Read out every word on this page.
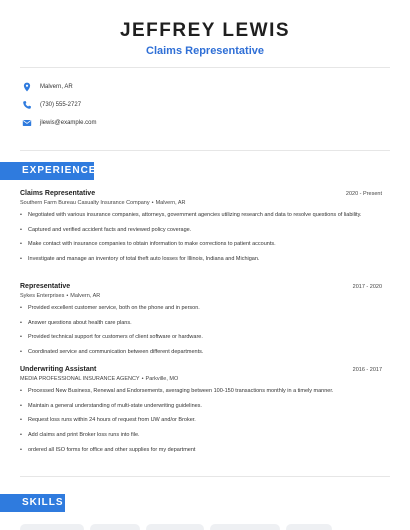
JEFFREY LEWIS
Claims Representative
Malvern, AR
(730) 555-2727
jlewis@example.com
EXPERIENCE
Claims Representative	2020 - Present
Southern Farm Bureau Casualty Insurance Company • Malvern, AR
• Negotiated with various insurance companies, attorneys, government agencies utilizing research and data to resolve questions of liability.
• Captured and verified accident facts and reviewed policy coverage.
• Make contact with insurance companies to obtain information to make corrections to patient accounts.
• Investigate and manage an inventory of total theft auto losses for Illinois, Indiana and Michigan.
Representative	2017 - 2020
Sykes Enterprises • Malvern, AR
• Provided excellent customer service, both on the phone and in person.
• Answer questions about health care plans.
• Provided technical support for customers of client software or hardware.
• Coordinated service and communication between different departments.
Underwriting Assistant	2016 - 2017
MEDIA PROFESSIONAL INSURANCE AGENCY • Parkville, MO
• Processed New Business, Renewal and Endorsements, averaging between 100-150 transactions monthly in a timely manner.
• Maintain a general understanding of multi-state underwriting guidelines.
• Request loss runs within 24 hours of request from UW and/or Broker.
• Add claims and print Broker loss runs into file.
• ordered all ISO forms for office and other supplies for my department
SKILLS
